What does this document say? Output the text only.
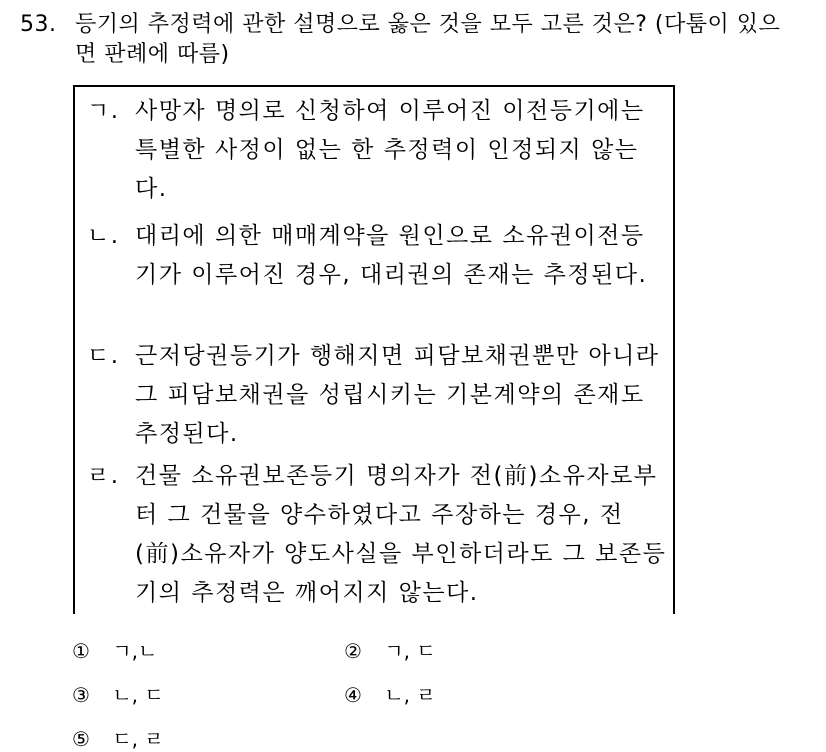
53. 등기의 추정력에 관한 설명으로 옳은 것을 모두 고른 것은? (다툼이 있으면 판례에 따름)
ㄱ. 사망자 명의로 신청하여 이루어진 이전등기에는 특별한 사정이 없는 한 추정력이 인정되지 않는다.
ㄴ. 대리에 의한 매매계약을 원인으로 소유권이전등기가 이루어진 경우, 대리권의 존재는 추정된다.
ㄷ. 근저당권등기가 행해지면 피담보채권뿐만 아니라 그 피담보채권을 성립시키는 기본계약의 존재도 추정된다.
ㄹ. 건물 소유권보존등기 명의자가 전(前)소유자로부터 그 건물을 양수하였다고 주장하는 경우, 전(前)소유자가 양도사실을 부인하더라도 그 보존등기의 추정력은 깨어지지 않는다.
① ㄱ,ㄴ	② ㄱ, ㄷ
③ ㄴ, ㄷ	④ ㄴ, ㄹ
⑤ ㄷ, ㄹ
